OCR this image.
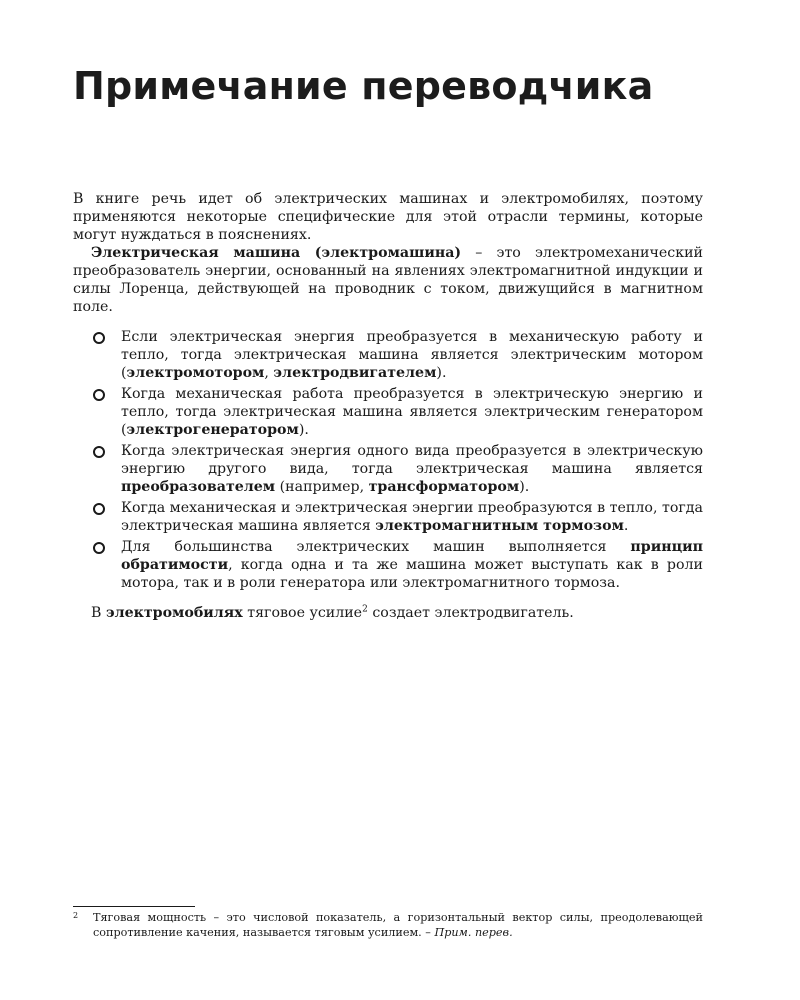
Примечание переводчика

В книге речь идет об электрических машинах и электромобилях, поэтому применяются некоторые специфические для этой отрасли термины, которые могут нуждаться в пояснениях.

Электрическая машина (электромашина) – это электромеханический преобразователь энергии, основанный на явлениях электромагнитной индукции и силы Лоренца, действующей на проводник с током, движущийся в магнитном поле.

Если электрическая энергия преобразуется в механическую работу и тепло, тогда электрическая машина является электрическим мотором (электромотором, электродвигателем).
Когда механическая работа преобразуется в электрическую энергию и тепло, тогда электрическая машина является электрическим генератором (электрогенератором).
Когда электрическая энергия одного вида преобразуется в электрическую энергию другого вида, тогда электрическая машина является преобразователем (например, трансформатором).
Когда механическая и электрическая энергии преобразуются в тепло, тогда электрическая машина является электромагнитным тормозом.
Для большинства электрических машин выполняется принцип обратимости, когда одна и та же машина может выступать как в роли мотора, так и в роли генератора или электромагнитного тормоза.

В электромобилях тяговое усилие$^2$ создает электродвигатель.

2	Тяговая мощность – это числовой показатель, а горизонтальный вектор силы, преодолевающей сопротивление качения, называется тяговым усилием. – Прим. перев.
